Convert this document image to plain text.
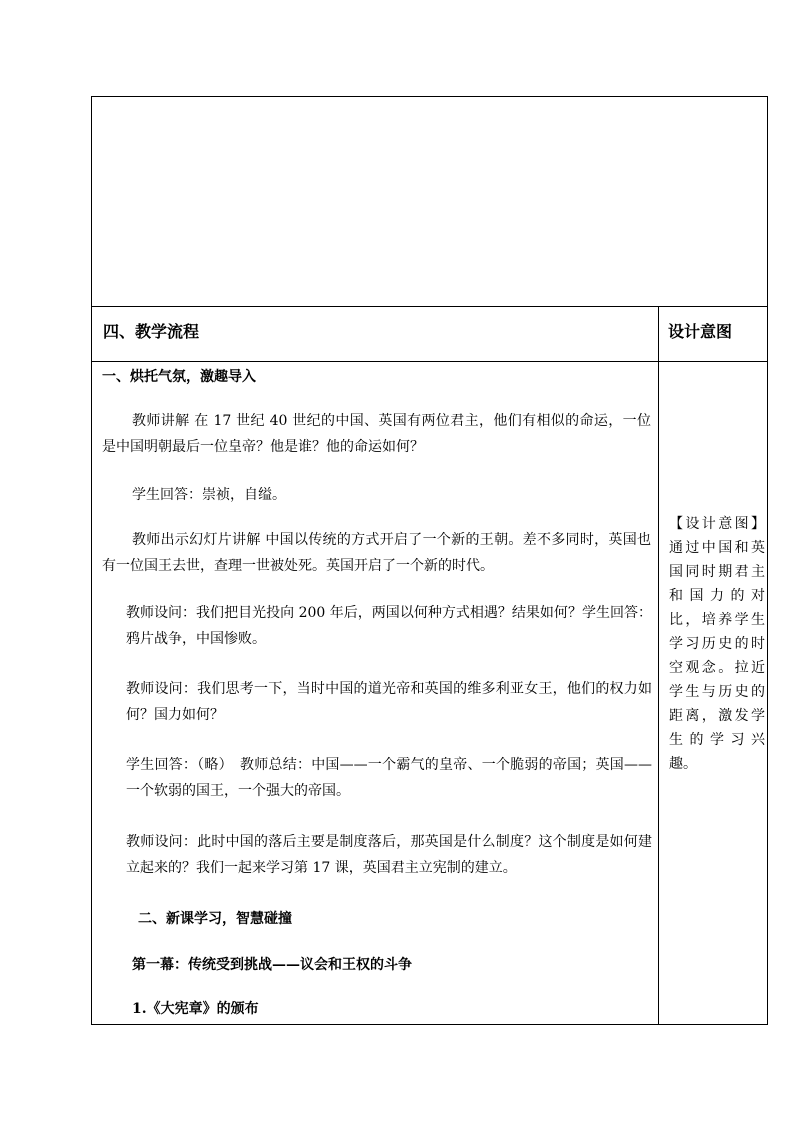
四、教学流程	设计意图

一、烘托气氛，激趣导入

教师讲解 在 17 世纪 40 世纪的中国、英国有两位君主，他们有相似的命运，一位是中国明朝最后一位皇帝？他是谁？他的命运如何？

学生回答：崇祯，自缢。

教师出示幻灯片讲解 中国以传统的方式开启了一个新的王朝。差不多同时，英国也有一位国王去世，查理一世被处死。英国开启了一个新的时代。

教师设问：我们把目光投向 200 年后，两国以何种方式相遇？结果如何？学生回答：鸦片战争，中国惨败。

教师设问：我们思考一下，当时中国的道光帝和英国的维多利亚女王，他们的权力如何？国力如何？

学生回答：（略）　教师总结：中国——一个霸气的皇帝、一个脆弱的帝国；英国——一个软弱的国王，一个强大的帝国。

教师设问：此时中国的落后主要是制度落后，那英国是什么制度？这个制度是如何建立起来的？我们一起来学习第 17 课，英国君主立宪制的建立。

二、新课学习，智慧碰撞

第一幕：传统受到挑战——议会和王权的斗争

1.《大宪章》的颁布

【设计意图】通过中国和英国同时期君主和国力的对比，培养学生学习历史的时空观念。拉近学生与历史的距离，激发学生的学习兴趣。
